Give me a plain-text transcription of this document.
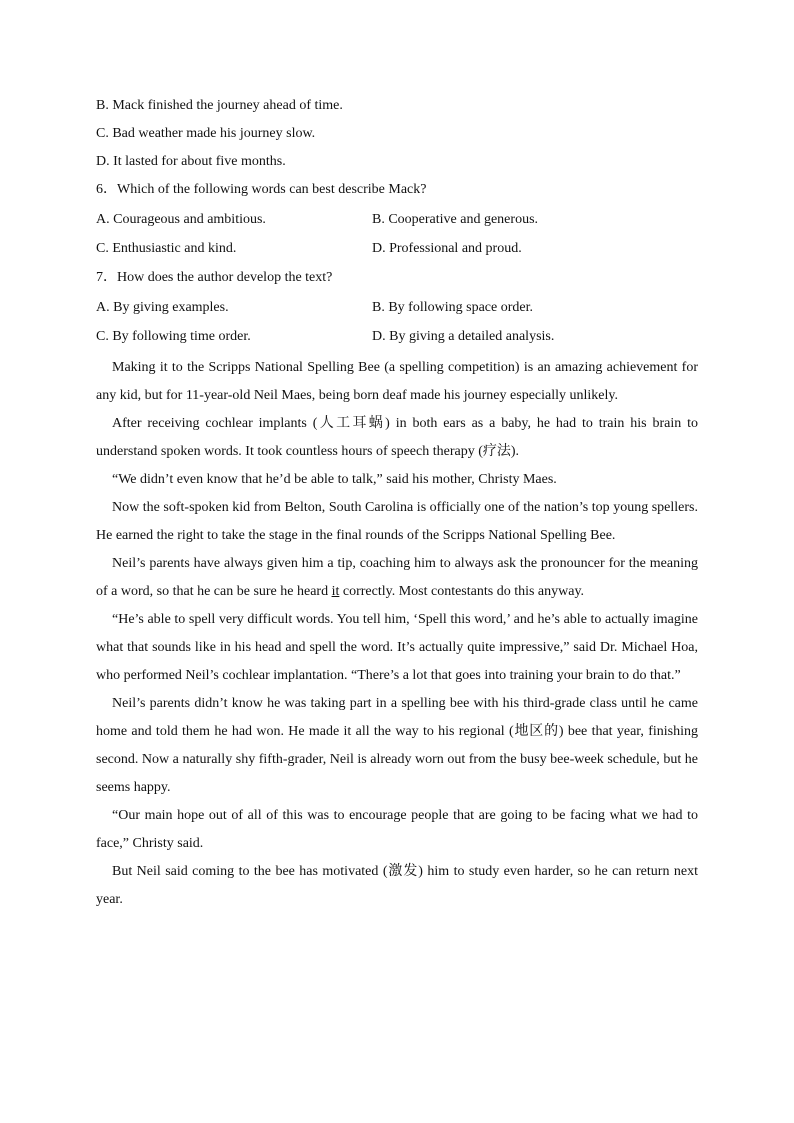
B. Mack finished the journey ahead of time.
C. Bad weather made his journey slow.
D. It lasted for about five months.
6．Which of the following words can best describe Mack?
A. Courageous and ambitious.	B. Cooperative and generous.
C. Enthusiastic and kind.	D. Professional and proud.
7．How does the author develop the text?
A. By giving examples.	B. By following space order.
C. By following time order.	D. By giving a detailed analysis.

Making it to the Scripps National Spelling Bee (a spelling competition) is an amazing achievement for any kid, but for 11-year-old Neil Maes, being born deaf made his journey especially unlikely.

After receiving cochlear implants (人工耳蜗) in both ears as a baby, he had to train his brain to understand spoken words. It took countless hours of speech therapy (疗法).

“We didn’t even know that he’d be able to talk,” said his mother, Christy Maes.

Now the soft-spoken kid from Belton, South Carolina is officially one of the nation’s top young spellers. He earned the right to take the stage in the final rounds of the Scripps National Spelling Bee.

Neil’s parents have always given him a tip, coaching him to always ask the pronouncer for the meaning of a word, so that he can be sure he heard it correctly. Most contestants do this anyway.

“He’s able to spell very difficult words. You tell him, ‘Spell this word,’ and he’s able to actually imagine what that sounds like in his head and spell the word. It’s actually quite impressive,” said Dr. Michael Hoa, who performed Neil’s cochlear implantation. “There’s a lot that goes into training your brain to do that.”

Neil’s parents didn’t know he was taking part in a spelling bee with his third-grade class until he came home and told them he had won. He made it all the way to his regional (地区的) bee that year, finishing second. Now a naturally shy fifth-grader, Neil is already worn out from the busy bee-week schedule, but he seems happy.

“Our main hope out of all of this was to encourage people that are going to be facing what we had to face,” Christy said.

But Neil said coming to the bee has motivated (激发) him to study even harder, so he can return next year.
